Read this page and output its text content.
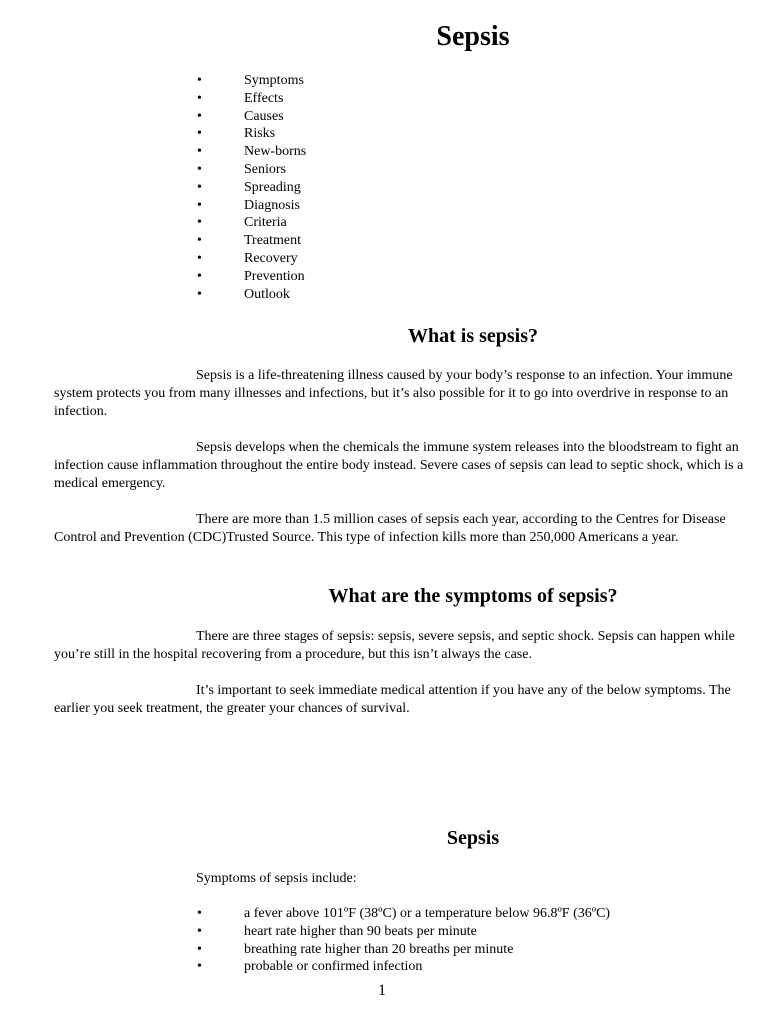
Sepsis
• Symptoms
• Effects
• Causes
• Risks
• New-borns
• Seniors
• Spreading
• Diagnosis
• Criteria
• Treatment
• Recovery
• Prevention
• Outlook
What is sepsis?

Sepsis is a life-threatening illness caused by your body’s response to an infection. Your immune system protects you from many illnesses and infections, but it’s also possible for it to go into overdrive in response to an infection.

Sepsis develops when the chemicals the immune system releases into the bloodstream to fight an infection cause inflammation throughout the entire body instead. Severe cases of sepsis can lead to septic shock, which is a medical emergency.

There are more than 1.5 million cases of sepsis each year, according to the Centres for Disease Control and Prevention (CDC)Trusted Source. This type of infection kills more than 250,000 Americans a year.

What are the symptoms of sepsis?

There are three stages of sepsis: sepsis, severe sepsis, and septic shock. Sepsis can happen while you’re still in the hospital recovering from a procedure, but this isn’t always the case.

It’s important to seek immediate medical attention if you have any of the below symptoms. The earlier you seek treatment, the greater your chances of survival.

Sepsis

Symptoms of sepsis include:

• a fever above 101ºF (38ºC) or a temperature below 96.8ºF (36ºC)
• heart rate higher than 90 beats per minute
• breathing rate higher than 20 breaths per minute
• probable or confirmed infection
1
